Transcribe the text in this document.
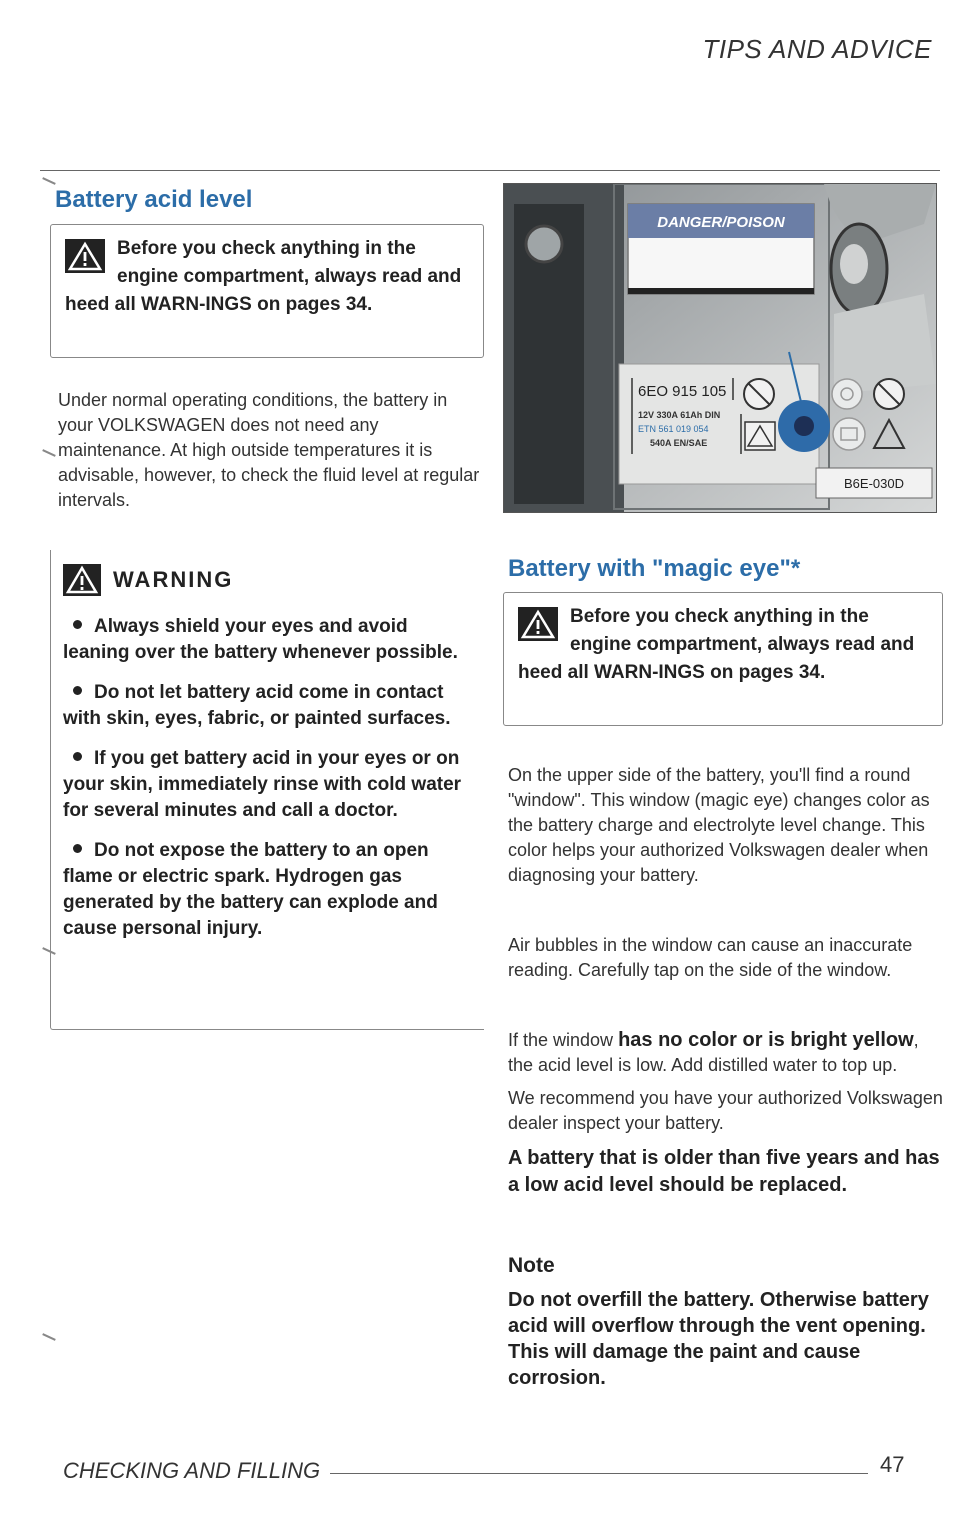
TIPS AND ADVICE
Battery acid level
Before you check anything in the engine compartment, always read and heed all WARN-INGS on pages 34.

Under normal operating conditions, the battery in your VOLKSWAGEN does not need any maintenance. At high outside temperatures it is advisable, however, to check the fluid level at regular intervals.

WARNING

Always shield your eyes and avoid leaning over the battery whenever possible.

Do not let battery acid come in contact with skin, eyes, fabric, or painted surfaces.

If you get battery acid in your eyes or on your skin, immediately rinse with cold water for several minutes and call a doctor.

Do not expose the battery to an open flame or electric spark. Hydrogen gas generated by the battery can explode and cause personal injury.

DANGER/POISON
6EO 915 105
12V 330A 61Ah DIN
ETN 561 019 054
540A EN/SAE
B6E-030D
Battery with "magic eye"*
Before you check anything in the engine compartment, always read and heed all WARN-INGS on pages 34.

On the upper side of the battery, you'll find a round "window". This window (magic eye) changes color as the battery charge and electrolyte level change. This color helps your authorized Volkswagen dealer when diagnosing your battery.

Air bubbles in the window can cause an inaccurate reading. Carefully tap on the side of the window.

If the window has no color or is bright yellow, the acid level is low. Add distilled water to top up.

We recommend you have your authorized Volkswagen dealer inspect your battery.

A battery that is older than five years and has a low acid level should be replaced.

Note

Do not overfill the battery. Otherwise battery acid will overflow through the vent opening. This will damage the paint and cause corrosion.

CHECKING AND FILLING	47
